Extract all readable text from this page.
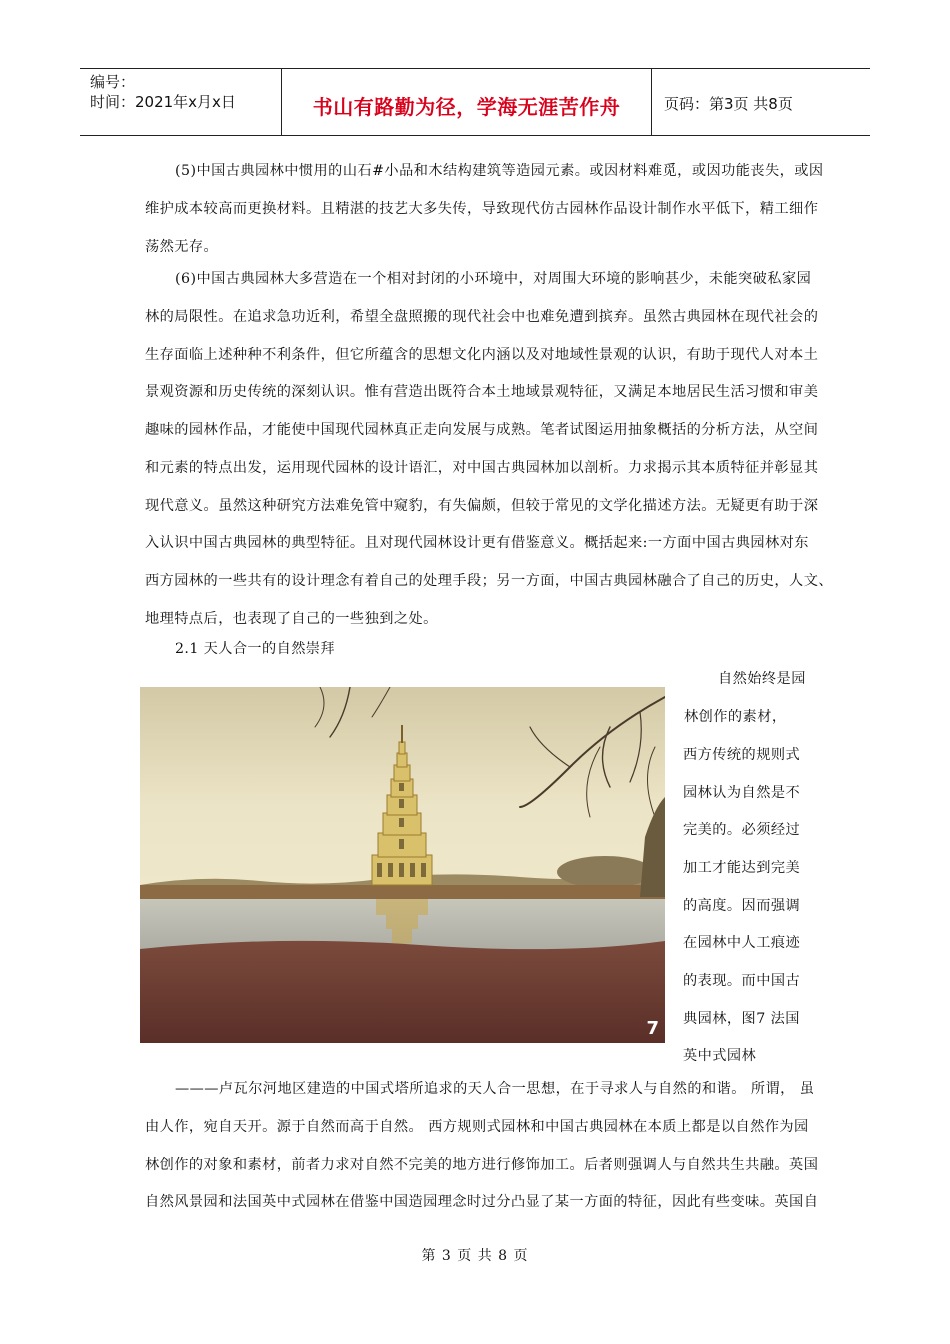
编号：
时间：2021年x月x日	书山有路勤为径，学海无涯苦作舟	页码：第3页 共8页
(5)中国古典园林中惯用的山石#小品和木结构建筑等造园元素。或因材料难觅，或因功能丧失，或因
维护成本较高而更换材料。且精湛的技艺大多失传，导致现代仿古园林作品设计制作水平低下，精工细作
荡然无存。
(6)中国古典园林大多营造在一个相对封闭的小环境中，对周围大环境的影响甚少，未能突破私家园
林的局限性。在追求急功近利，希望全盘照搬的现代社会中也难免遭到摈弃。虽然古典园林在现代社会的
生存面临上述种种不利条件，但它所蕴含的思想文化内涵以及对地域性景观的认识，有助于现代人对本土
景观资源和历史传统的深刻认识。惟有营造出既符合本土地域景观特征，又满足本地居民生活习惯和审美
趣味的园林作品，才能使中国现代园林真正走向发展与成熟。笔者试图运用抽象概括的分析方法，从空间
和元素的特点出发，运用现代园林的设计语汇，对中国古典园林加以剖析。力求揭示其本质特征并彰显其
现代意义。虽然这种研究方法难免管中窥豹，有失偏颇，但较于常见的文学化描述方法。无疑更有助于深
入认识中国古典园林的典型特征。且对现代园林设计更有借鉴意义。概括起来:一方面中国古典园林对东
西方园林的一些共有的设计理念有着自己的处理手段；另一方面，中国古典园林融合了自己的历史，人文、
地理特点后，也表现了自己的一些独到之处。
2.1 天人合一的自然崇拜
7
自然始终是园
林创作的素材，
西方传统的规则式
园林认为自然是不
完美的。必须经过
加工才能达到完美
的高度。因而强调
在园林中人工痕迹
的表现。而中国古
典园林，图7 法国
英中式园林
———卢瓦尔河地区建造的中国式塔所追求的天人合一思想，在于寻求人与自然的和谐。 所谓， 虽
由人作，宛自天开。源于自然而高于自然。 西方规则式园林和中国古典园林在本质上都是以自然作为园
林创作的对象和素材，前者力求对自然不完美的地方进行修饰加工。后者则强调人与自然共生共融。英国
自然风景园和法国英中式园林在借鉴中国造园理念时过分凸显了某一方面的特征，因此有些变味。英国自
第 3 页 共 8 页
